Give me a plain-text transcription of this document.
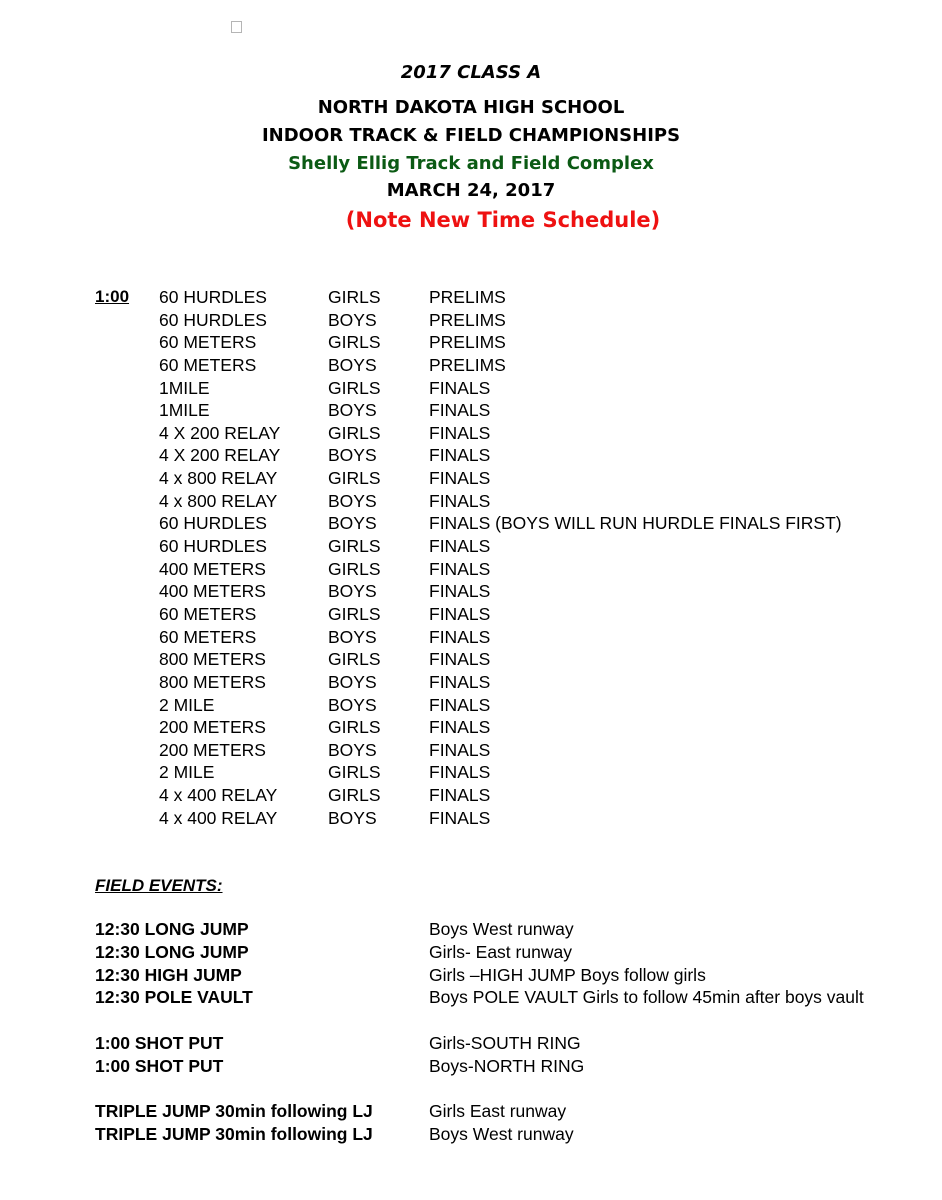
2017 CLASS A
NORTH DAKOTA HIGH SCHOOL
INDOOR TRACK & FIELD CHAMPIONSHIPS
Shelly Ellig Track and Field Complex
MARCH 24, 2017
(Note New Time Schedule)
1:00 60 HURDLES	GIRLS	PRELIMS
60 HURDLES	BOYS	PRELIMS
60 METERS	GIRLS	PRELIMS
60 METERS	BOYS	PRELIMS
1MILE	GIRLS	FINALS
1MILE	BOYS	FINALS
4 X 200 RELAY	GIRLS	FINALS
4 X 200 RELAY	BOYS	FINALS
4 x 800 RELAY	GIRLS	FINALS
4 x 800 RELAY	BOYS	FINALS
60 HURDLES	BOYS	FINALS (BOYS WILL RUN HURDLE FINALS FIRST)
60 HURDLES	GIRLS	FINALS
400 METERS	GIRLS	FINALS
400 METERS	BOYS	FINALS
60 METERS	GIRLS	FINALS
60 METERS	BOYS	FINALS
800 METERS	GIRLS	FINALS
800 METERS	BOYS	FINALS
2 MILE	BOYS	FINALS
200 METERS	GIRLS	FINALS
200 METERS	BOYS	FINALS
2 MILE	GIRLS	FINALS
4 x 400 RELAY	GIRLS	FINALS
4 x 400 RELAY	BOYS	FINALS
FIELD EVENTS:
12:30 LONG JUMP	Boys West runway
12:30 LONG JUMP	Girls- East runway
12:30 HIGH JUMP	Girls –HIGH JUMP Boys follow girls
12:30 POLE VAULT	Boys POLE VAULT Girls to follow 45min after boys vault
1:00 SHOT PUT	Girls-SOUTH RING
1:00 SHOT PUT	Boys-NORTH RING
TRIPLE JUMP 30min following LJ	Girls East runway
TRIPLE JUMP 30min following LJ	Boys West runway
